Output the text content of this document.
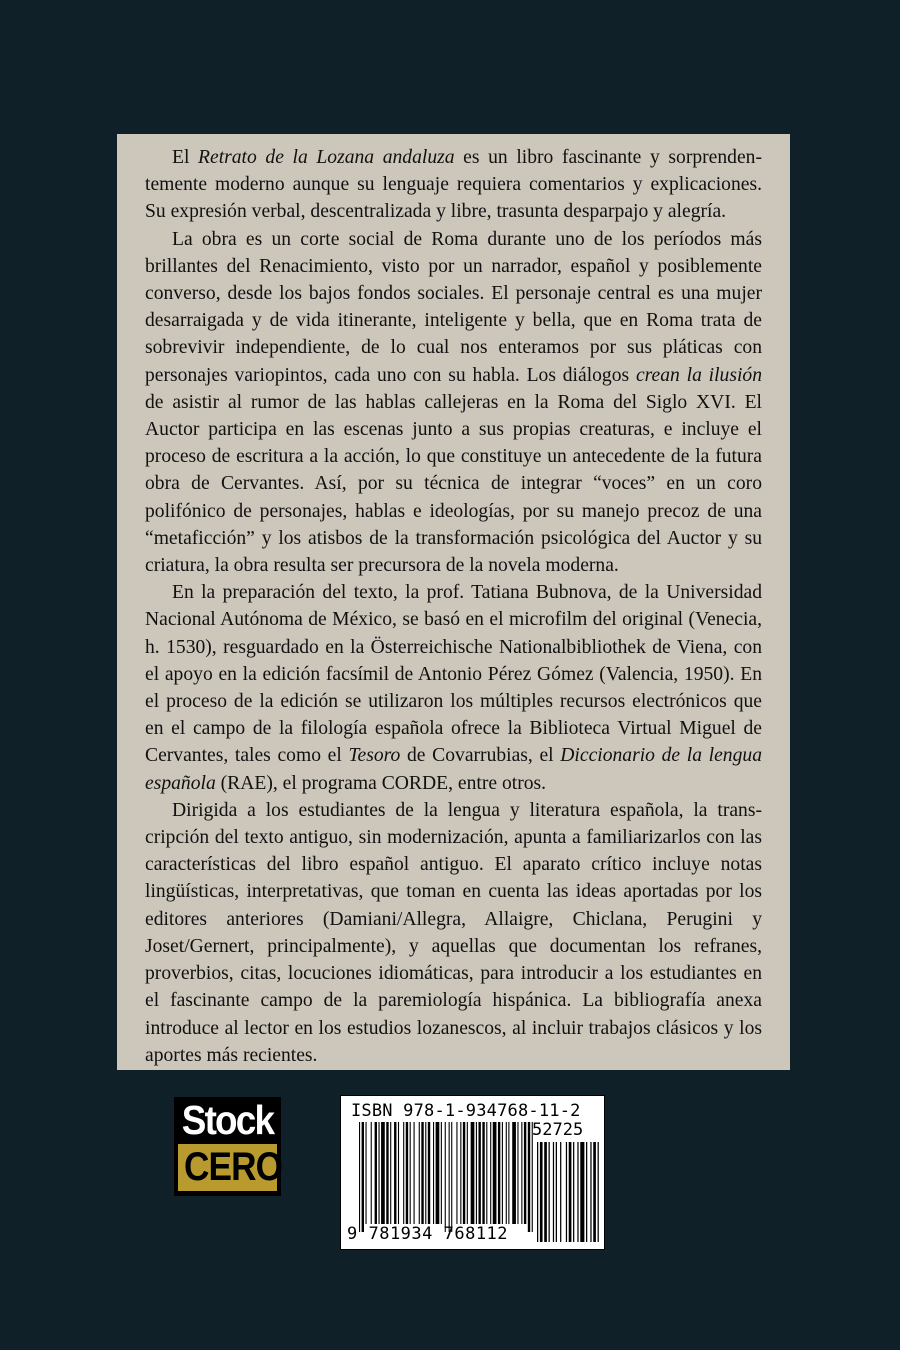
El Retrato de la Lozana andaluza es un libro fascinante y sorprendentemente moderno aunque su lenguaje requiera comentarios y explicaciones. Su expresión verbal, descentralizada y libre, trasunta desparpajo y alegría.

La obra es un corte social de Roma durante uno de los períodos más brillantes del Renacimiento, visto por un narrador, español y posiblemente converso, desde los bajos fondos sociales. El personaje central es una mujer desarraigada y de vida itinerante, inteligente y bella, que en Roma trata de sobrevivir independiente, de lo cual nos enteramos por sus pláticas con personajes variopintos, cada uno con su habla. Los diálogos crean la ilusión de asistir al rumor de las hablas callejeras en la Roma del Siglo XVI. El Auctor participa en las escenas junto a sus propias creaturas, e incluye el proceso de escritura a la acción, lo que constituye un antecedente de la futura obra de Cervantes. Así, por su técnica de integrar “voces” en un coro polifónico de personajes, hablas e ideologías, por su manejo precoz de una “metaficción” y los atisbos de la transformación psicológica del Auctor y su criatura, la obra resulta ser precursora de la novela moderna.

En la preparación del texto, la prof. Tatiana Bubnova, de la Universidad Nacional Autónoma de México, se basó en el microfilm del original (Venecia, h. 1530), resguardado en la Österreichische Nationalbibliothek de Viena, con el apoyo en la edición facsímil de Antonio Pérez Gómez (Valencia, 1950). En el proceso de la edición se utilizaron los múltiples recursos electrónicos que en el campo de la filología española ofrece la Biblioteca Virtual Miguel de Cervantes, tales como el Tesoro de Covarrubias, el Diccionario de la lengua española (RAE), el programa CORDE, entre otros.

Dirigida a los estudiantes de la lengua y literatura española, la transcripción del texto antiguo, sin modernización, apunta a familiarizarlos con las características del libro español antiguo. El aparato crítico incluye notas lingüísticas, interpretativas, que toman en cuenta las ideas aportadas por los editores anteriores (Damiani/Allegra, Allaigre, Chiclana, Perugini y Joset/Gernert, principalmente), y aquellas que documentan los refranes, proverbios, citas, locuciones idiomáticas, para introducir a los estudiantes en el fascinante campo de la paremiología hispánica. La bibliografía anexa introduce al lector en los estudios lozanescos, al incluir trabajos clásicos y los aportes más recientes.

Stock
CERO
ISBN 978-1-934768-11-2
52725
9 781934 768112
